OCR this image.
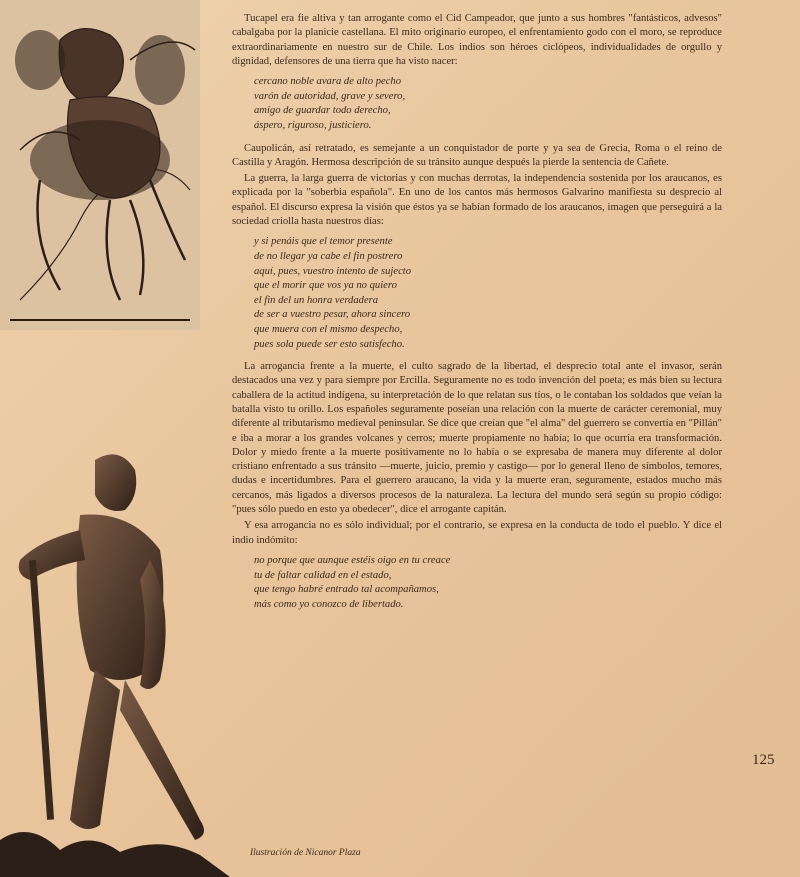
Tucapel era fie altiva y tan arrogante como el Cid Campeador, que junto a sus hombres "fantásticos, advesos" cabalgaba por la planicie castellana. El mito originario europeo, el enfrentamiento godo con el moro, se reproduce extraordinariamente en nuestro sur de Chile. Los indios son héroes ciclópeos, individualidades de orgullo y dignidad, defensores de una tierra que ha visto nacer:

cercano noble avara de alto pecho
varón de autoridad, grave y severo,
amigo de guardar todo derecho,
áspero, riguroso, justiciero.

Caupolicán, así retratado, es semejante a un conquistador de porte y ya sea de Grecia, Roma o el reino de Castilla y Aragón. Hermosa descripción de su tránsito aunque después la pierde la sentencia de Cañete.

La guerra, la larga guerra de victorias y con muchas derrotas, la independencia sostenida por los araucanos, es explicada por la "soberbia española". En uno de los cantos más hermosos Galvarino manifiesta su desprecio al español. El discurso expresa la visión que éstos ya se habían formado de los araucanos, imagen que perseguirá a la sociedad criolla hasta nuestros días:

y si penáis que el temor presente
de no llegar ya cabe el fin postrero
aquí, pues, vuestro intento de sujecto
que el morir que vos ya no quiero
el fin del un honra verdadera
de ser a vuestro pesar, ahora sincero
que muera con el mismo despecho,
pues sola puede ser esto satisfecho.

La arrogancia frente a la muerte, el culto sagrado de la libertad, el desprecio total ante el invasor, serán destacados una vez y para siempre por Ercilla. Seguramente no es todo invención del poeta; es más bien su lectura caballera de la actitud indígena, su interpretación de lo que relatan sus tíos, o le contaban los soldados que veían la batalla visto tu orillo. Los españoles seguramente poseían una relación con la muerte de carácter ceremonial, muy diferente al tributarismo medieval peninsular. Se dice que creían que "el alma" del guerrero se convertía en "Pillán" e iba a morar a los grandes volcanes y cerros; muerte propiamente no había; lo que ocurría era transformación. Dolor y miedo frente a la muerte positivamente no lo había o se expresaba de manera muy diferente al dolor cristiano enfrentado a sus tránsito —muerte, juicio, premio y castigo— por lo general lleno de símbolos, temores, dudas e incertidumbres. Para el guerrero araucano, la vida y la muerte eran, seguramente, estados mucho más cercanos, más ligados a diversos procesos de la naturaleza. La lectura del mundo será según su propio código: "pues sólo puedo en esto ya obedecer", dice el arrogante capitán.

Y esa arrogancia no es sólo individual; por el contrario, se expresa en la conducta de todo el pueblo. Y dice el indio indómito:

no porque que aunque estéis oigo en tu creace
tu de faltar calidad en el estado,
que tengo habré entrado tal acompañamos,
más como yo conozco de libertado.
125
Ilustración de Nicanor Plaza
